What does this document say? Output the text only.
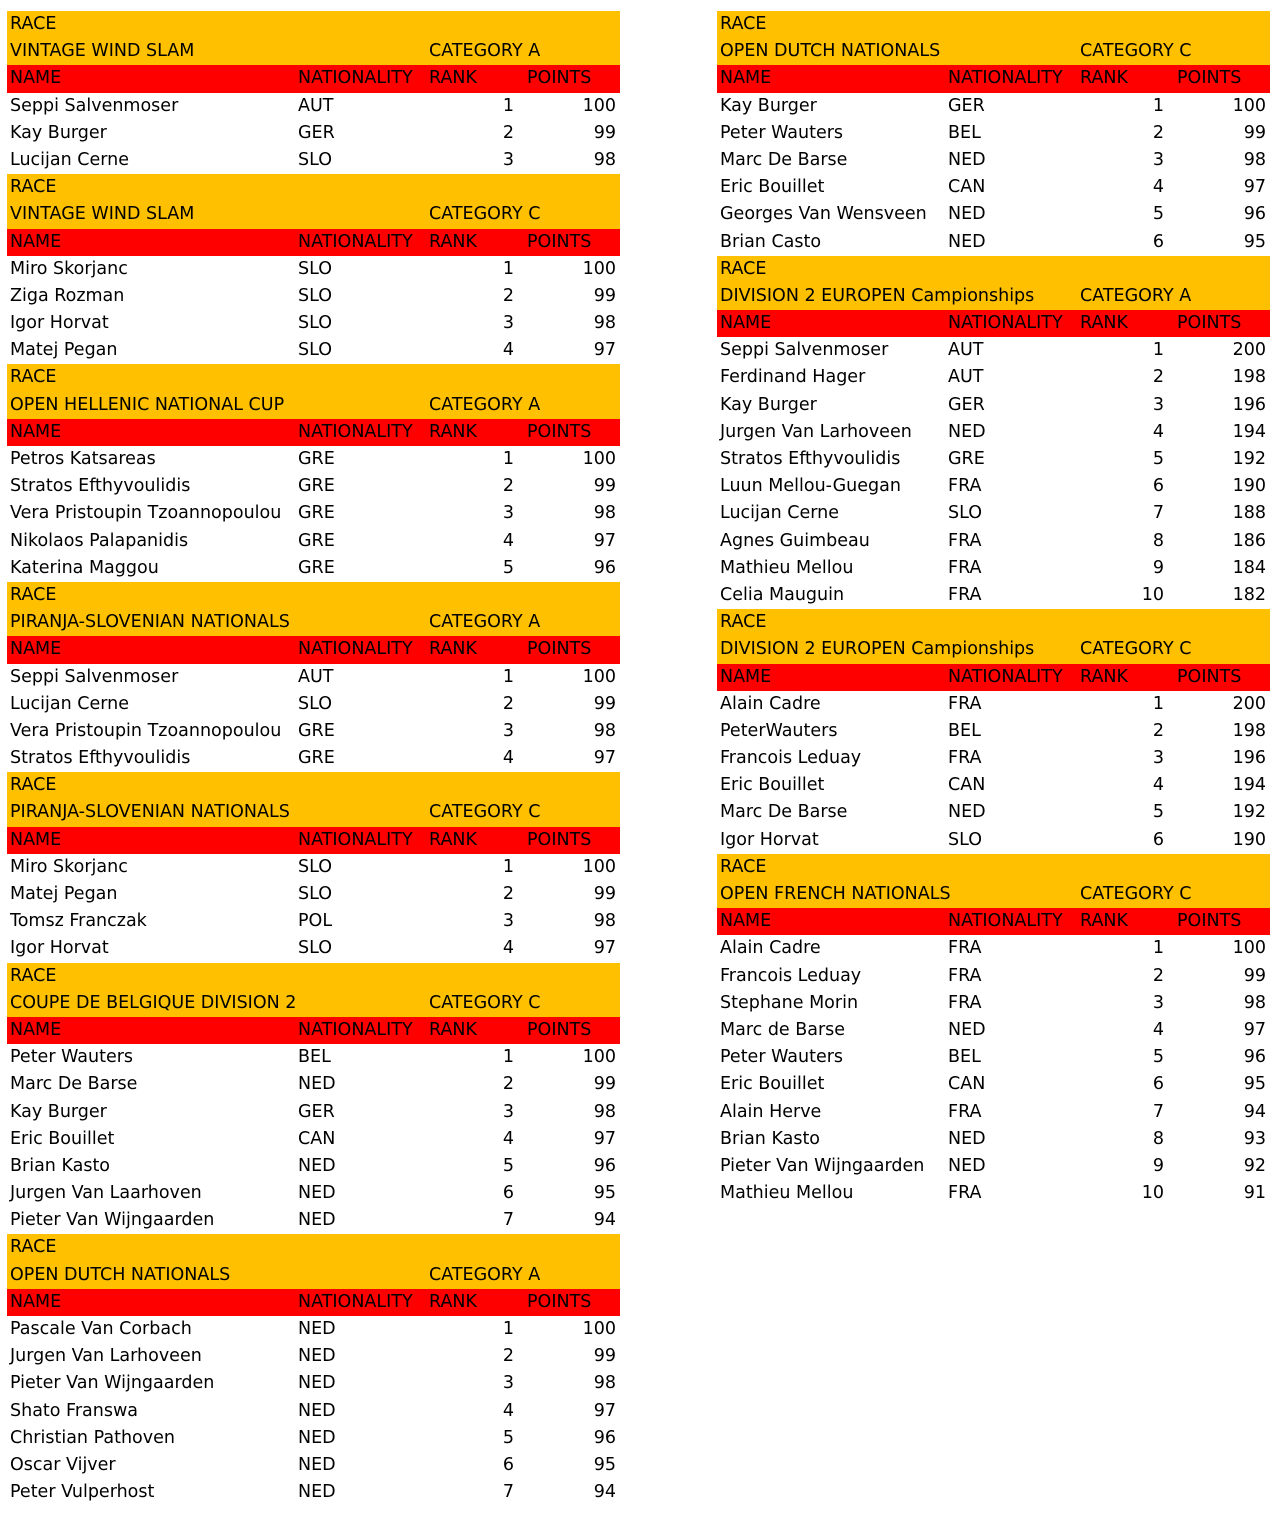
RACE
VINTAGE WIND SLAM	CATEGORY A
NAME	NATIONALITY RANK	POINTS
Seppi Salvenmoser	AUT	1	100
Kay Burger	GER	2	99
Lucijan Cerne	SLO	3	98
RACE
VINTAGE WIND SLAM	CATEGORY C
NAME	NATIONALITY RANK	POINTS
Miro Skorjanc	SLO	1	100
Ziga Rozman	SLO	2	99
Igor Horvat	SLO	3	98
Matej Pegan	SLO	4	97
RACE
OPEN HELLENIC NATIONAL CUP	CATEGORY A
NAME	NATIONALITY RANK	POINTS
Petros Katsareas	GRE	1	100
Stratos Efthyvoulidis	GRE	2	99
Vera Pristoupin Tzoannopoulou GRE	3	98
Nikolaos Palapanidis	GRE	4	97
Katerina Maggou	GRE	5	96
RACE
PIRANJA-SLOVENIAN NATIONALS	CATEGORY A
NAME	NATIONALITY RANK	POINTS
Seppi Salvenmoser	AUT	1	100
Lucijan Cerne	SLO	2	99
Vera Pristoupin Tzoannopoulou GRE	3	98
Stratos Efthyvoulidis	GRE	4	97
RACE
PIRANJA-SLOVENIAN NATIONALS	CATEGORY C
NAME	NATIONALITY RANK	POINTS
Miro Skorjanc	SLO	1	100
Matej Pegan	SLO	2	99
Tomsz Franczak	POL	3	98
Igor Horvat	SLO	4	97
RACE
COUPE DE BELGIQUE DIVISION 2	CATEGORY C
NAME	NATIONALITY RANK	POINTS
Peter Wauters	BEL	1	100
Marc De Barse	NED	2	99
Kay Burger	GER	3	98
Eric Bouillet	CAN	4	97
Brian Kasto	NED	5	96
Jurgen Van Laarhoven	NED	6	95
Pieter Van Wijngaarden	NED	7	94
RACE
OPEN DUTCH NATIONALS	CATEGORY A
NAME	NATIONALITY RANK	POINTS
Pascale Van Corbach	NED	1	100
Jurgen Van Larhoveen	NED	2	99
Pieter Van Wijngaarden	NED	3	98
Shato Franswa	NED	4	97
Christian Pathoven	NED	5	96
Oscar Vijver	NED	6	95
Peter Vulperhost	NED	7	94
RACE
OPEN DUTCH NATIONALS	CATEGORY C
NAME	NATIONALITY RANK	POINTS
Kay Burger	GER	1	100
Peter Wauters	BEL	2	99
Marc De Barse	NED	3	98
Eric Bouillet	CAN	4	97
Georges Van Wensveen NED	5	96
Brian Casto	NED	6	95
RACE
DIVISION 2 EUROPEN Campionships	CATEGORY A
NAME	NATIONALITY RANK	POINTS
Seppi Salvenmoser	AUT	1	200
Ferdinand Hager	AUT	2	198
Kay Burger	GER	3	196
Jurgen Van Larhoveen NED	4	194
Stratos Efthyvoulidis	GRE	5	192
Luun Mellou-Guegan	FRA	6	190
Lucijan Cerne	SLO	7	188
Agnes Guimbeau	FRA	8	186
Mathieu Mellou	FRA	9	184
Celia Mauguin	FRA	10	182
RACE
DIVISION 2 EUROPEN Campionships	CATEGORY C
NAME	NATIONALITY RANK	POINTS
Alain Cadre	FRA	1	200
PeterWauters	BEL	2	198
Francois Leduay	FRA	3	196
Eric Bouillet	CAN	4	194
Marc De Barse	NED	5	192
Igor Horvat	SLO	6	190
RACE
OPEN FRENCH NATIONALS	CATEGORY C
NAME	NATIONALITY RANK	POINTS
Alain Cadre	FRA	1	100
Francois Leduay	FRA	2	99
Stephane Morin	FRA	3	98
Marc de Barse	NED	4	97
Peter Wauters	BEL	5	96
Eric Bouillet	CAN	6	95
Alain Herve	FRA	7	94
Brian Kasto	NED	8	93
Pieter Van Wijngaarden NED	9	92
Mathieu Mellou	FRA	10	91
